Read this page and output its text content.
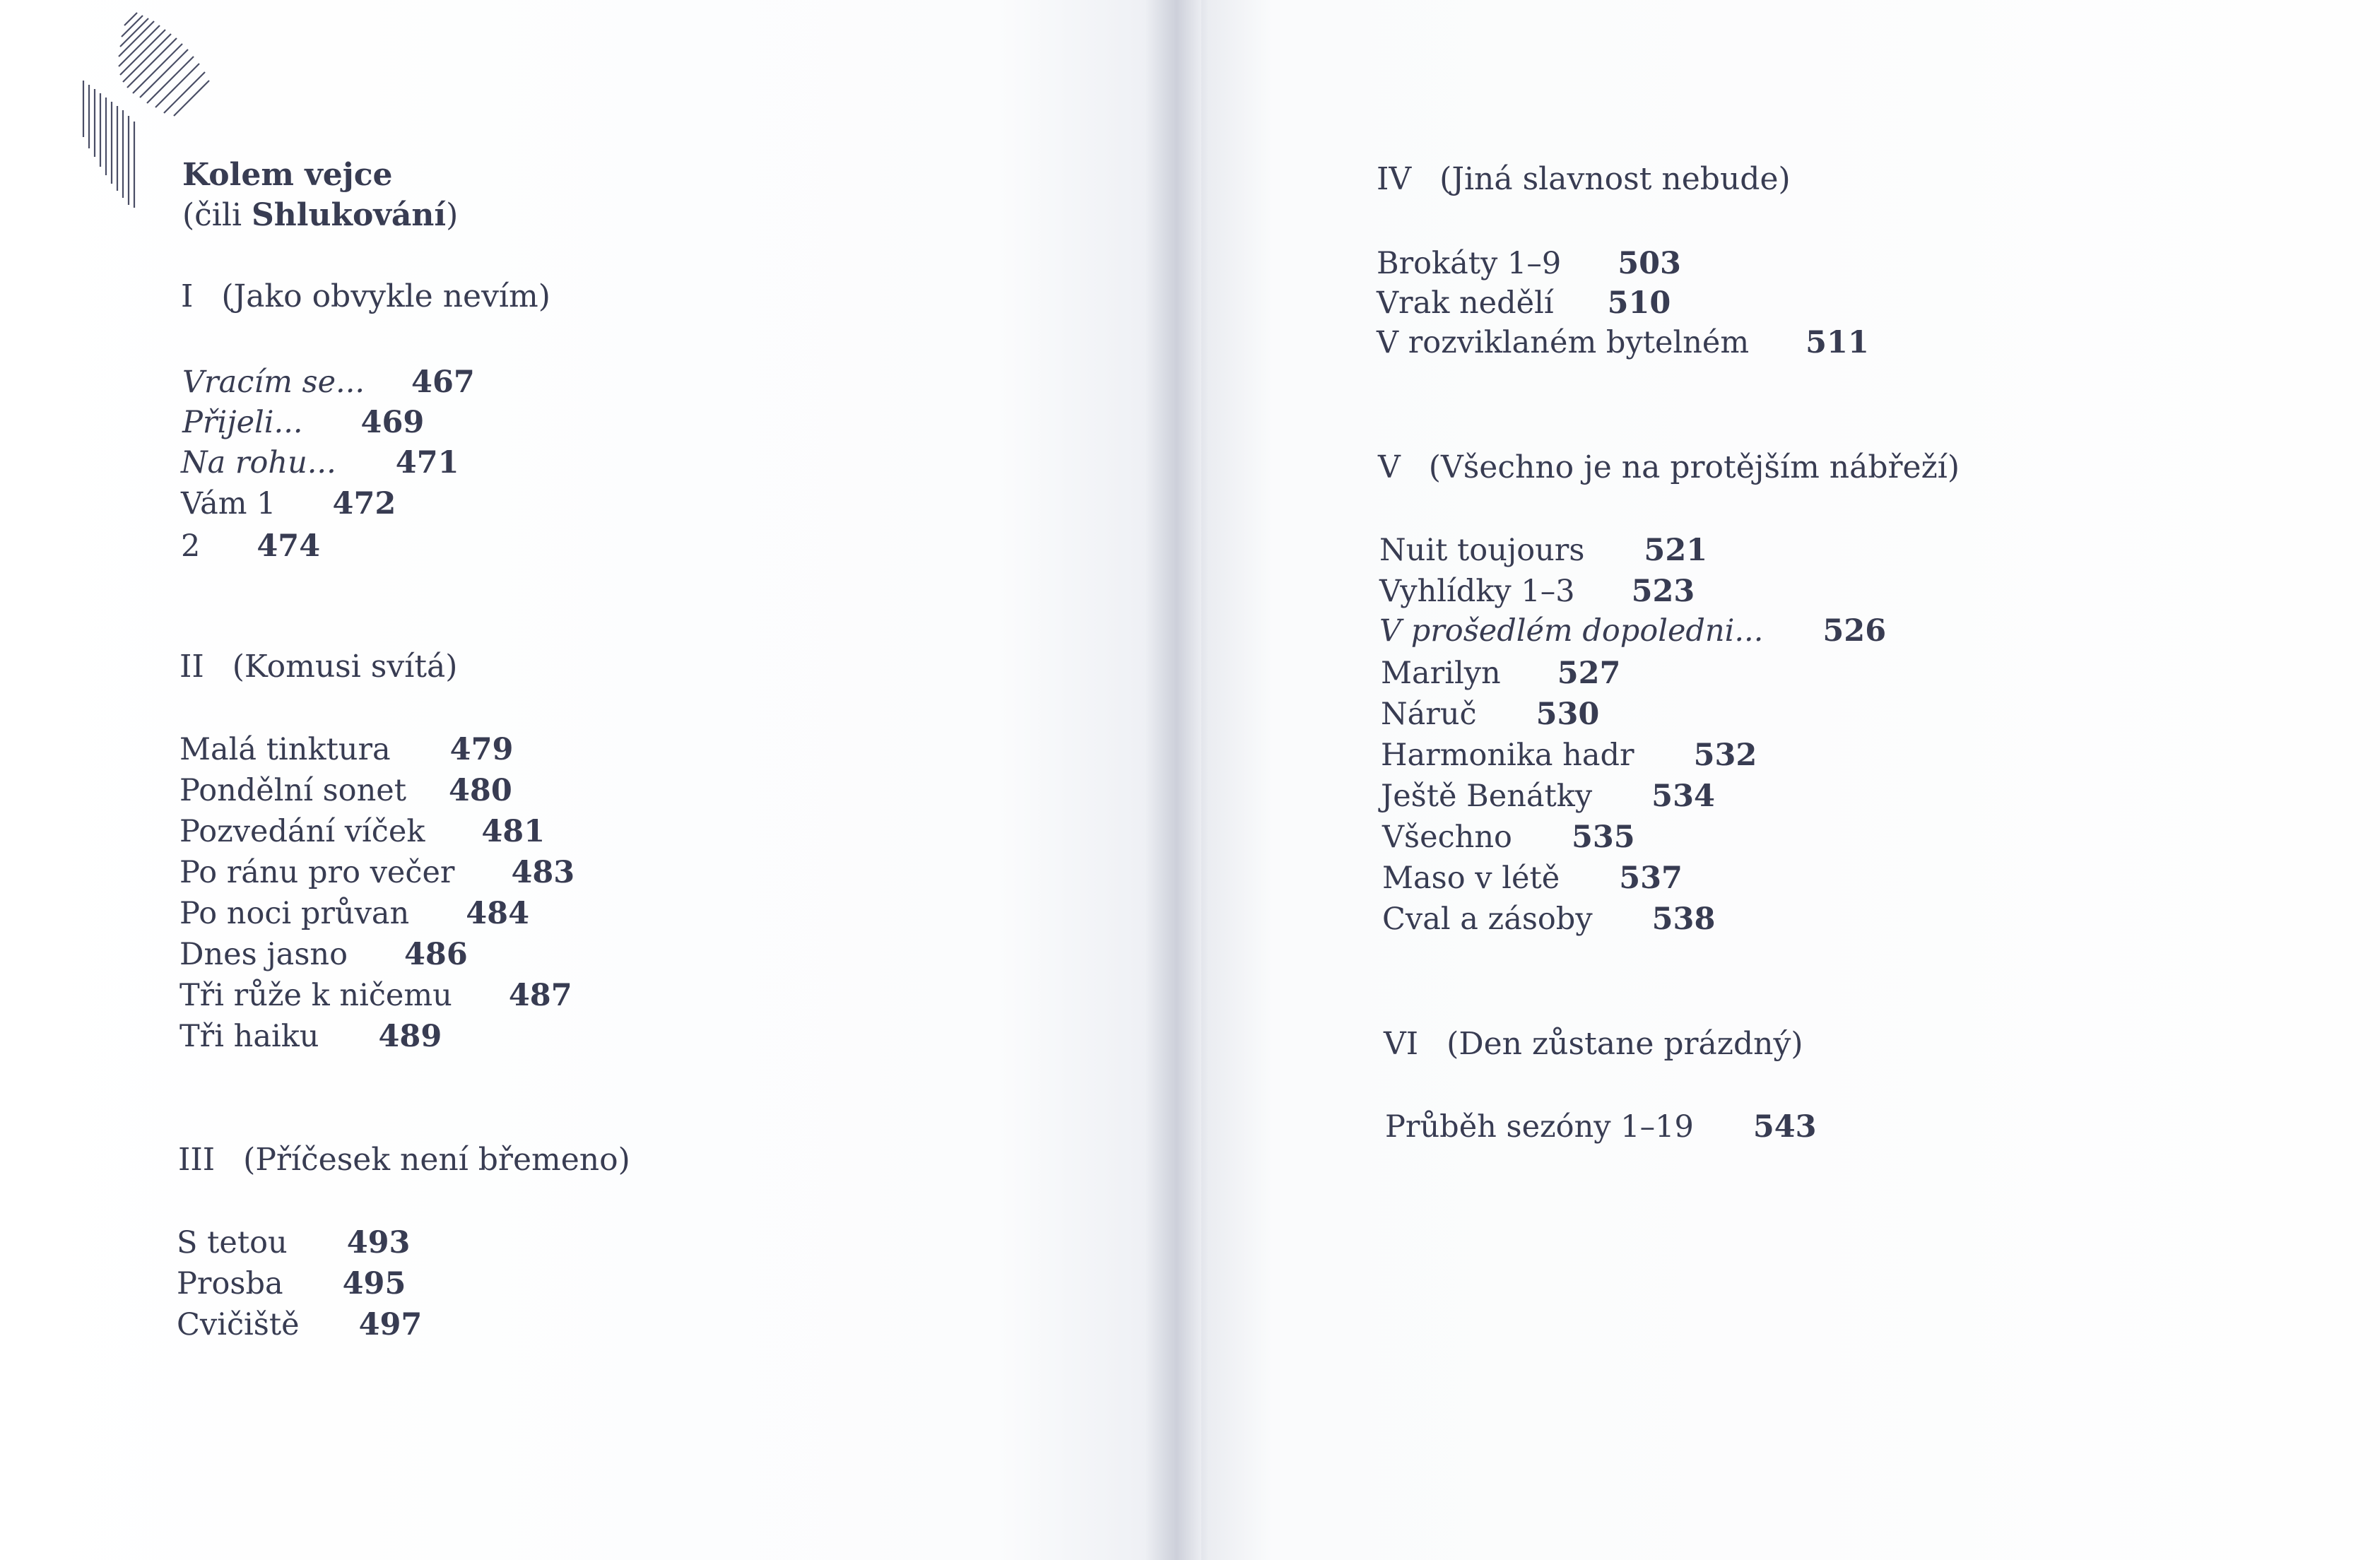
Kolem vejce
(čili Shlukování)
I (Jako obvykle nevím)
Vracím se... 467
Přijeli... 469
Na rohu... 471
Vám 1 472
2 474
II (Komusi svítá)
Malá tinktura 479
Pondělní sonet 480
Pozvedání víček 481
Po ránu pro večer 483
Po noci průvan 484
Dnes jasno 486
Tři růže k ničemu 487
Tři haiku 489
III (Příčesek není břemeno)
S tetou 493
Prosba 495
Cvičiště 497
IV (Jiná slavnost nebude)
Brokáty 1–9 503
Vrak nedělí 510
V rozviklaném bytelném 511
V (Všechno je na protějším nábřeží)
Nuit toujours 521
Vyhlídky 1–3 523
V prošedlém dopoledni... 526
Marilyn 527
Náruč 530
Harmonika hadr 532
Ještě Benátky 534
Všechno 535
Maso v létě 537
Cval a zásoby 538
VI (Den zůstane prázdný)
Průběh sezóny 1–19 543
